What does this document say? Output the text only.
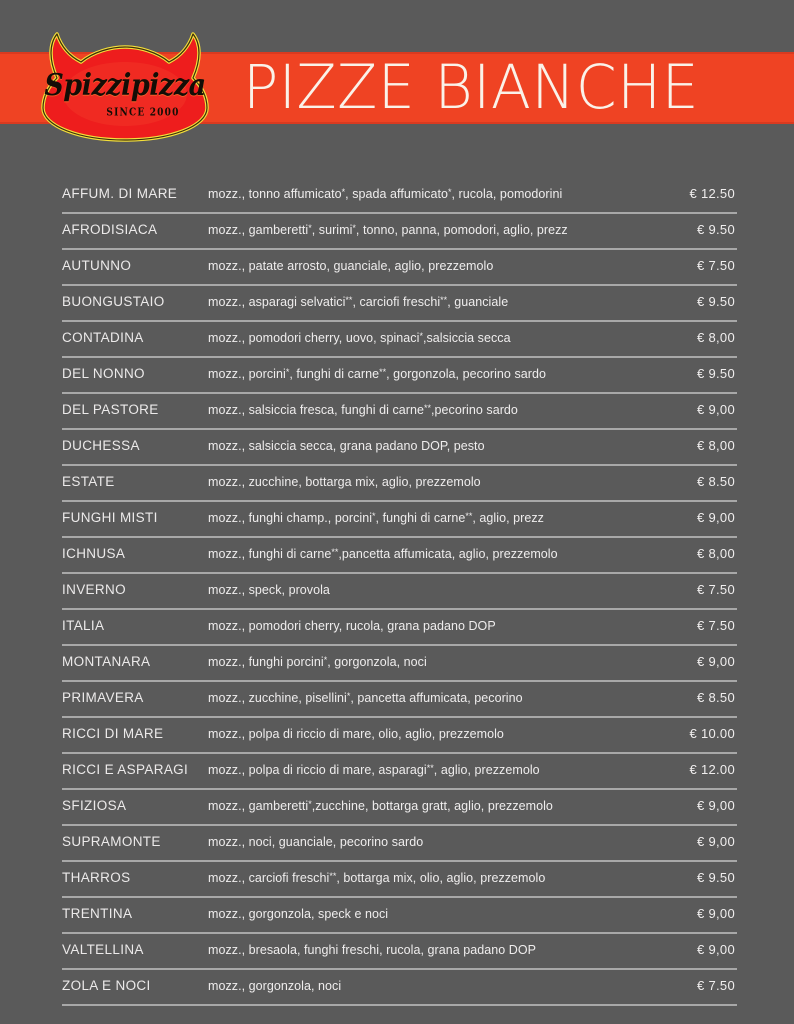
Spizzipizza
SINCE 2000	PIZZE BIANCHE
AFFUM. DI MARE	mozz., tonno affumicato*, spada affumicato*, rucola, pomodorini	€ 12.50
AFRODISIACA	mozz., gamberetti*, surimi*, tonno, panna, pomodori, aglio, prezz	€ 9.50
AUTUNNO	mozz., patate arrosto, guanciale, aglio, prezzemolo	€ 7.50
BUONGUSTAIO	mozz., asparagi selvatici**, carciofi freschi**, guanciale	€ 9.50
CONTADINA	mozz., pomodori cherry, uovo, spinaci*,salsiccia secca	€ 8,00
DEL NONNO	mozz., porcini*, funghi di carne**, gorgonzola, pecorino sardo	€ 9.50
DEL PASTORE	mozz., salsiccia fresca, funghi di carne**,pecorino sardo	€ 9,00
DUCHESSA	mozz., salsiccia secca, grana padano DOP, pesto	€ 8,00
ESTATE	mozz., zucchine, bottarga mix, aglio, prezzemolo	€ 8.50
FUNGHI MISTI	mozz., funghi champ., porcini*, funghi di carne**, aglio, prezz	€ 9,00
ICHNUSA	mozz., funghi di carne**,pancetta affumicata, aglio, prezzemolo	€ 8,00
INVERNO	mozz., speck, provola	€ 7.50
ITALIA	mozz., pomodori cherry, rucola, grana padano DOP	€ 7.50
MONTANARA	mozz., funghi porcini*, gorgonzola, noci	€ 9,00
PRIMAVERA	mozz., zucchine, pisellini*, pancetta affumicata, pecorino	€ 8.50
RICCI DI MARE	mozz., polpa di riccio di mare, olio, aglio, prezzemolo	€ 10.00
RICCI E ASPARAGI	mozz., polpa di riccio di mare, asparagi**, aglio, prezzemolo	€ 12.00
SFIZIOSA	mozz., gamberetti*,zucchine, bottarga gratt, aglio, prezzemolo	€ 9,00
SUPRAMONTE	mozz., noci, guanciale, pecorino sardo	€ 9,00
THARROS	mozz., carciofi freschi**, bottarga mix, olio, aglio, prezzemolo	€ 9.50
TRENTINA	mozz., gorgonzola, speck e noci	€ 9,00
VALTELLINA	mozz., bresaola, funghi freschi, rucola, grana padano DOP	€ 9,00
ZOLA E NOCI	mozz., gorgonzola, noci	€ 7.50
